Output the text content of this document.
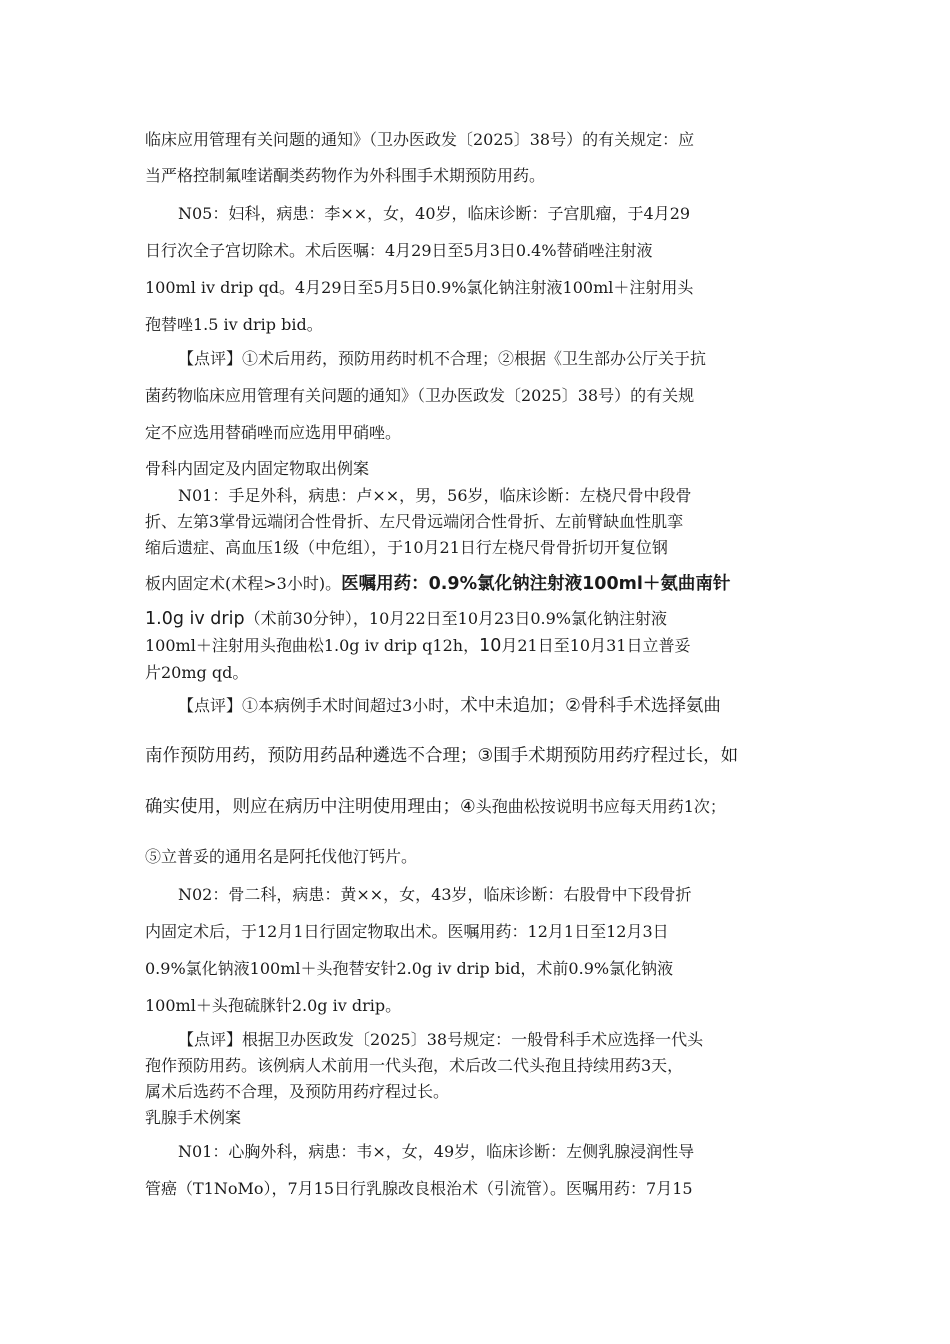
临床应用管理有关问题的通知》（卫办医政发〔2025〕38号）的有关规定：应

当严格控制氟喹诺酮类药物作为外科围手术期预防用药。

N05：妇科，病患：李××，女，40岁，临床诊断：子宫肌瘤，于4月29

日行次全子宫切除术。术后医嘱：4月29日至5月3日0.4%替硝唑注射液

100ml iv drip qd。4月29日至5月5日0.9%氯化钠注射液100ml＋注射用头

孢替唑1.5 iv drip bid。

【点评】①术后用药，预防用药时机不合理；②根据《卫生部办公厅关于抗

菌药物临床应用管理有关问题的通知》（卫办医政发〔2025〕38号）的有关规

定不应选用替硝唑而应选用甲硝唑。

骨科内固定及内固定物取出例案

N01：手足外科，病患：卢××，男，56岁，临床诊断：左桡尺骨中段骨

折、左第3掌骨远端闭合性骨折、左尺骨远端闭合性骨折、左前臂缺血性肌挛

缩后遗症、高血压1级（中危组），于10月21日行左桡尺骨骨折切开复位钢

板内固定术(术程>3小时)。医嘱用药：0.9%氯化钠注射液100ml＋氨曲南针

1.0g iv drip（术前30分钟），10月22日至10月23日0.9%氯化钠注射液

100ml＋注射用头孢曲松1.0g iv drip q12h，10月21日至10月31日立普妥

片20mg qd。

【点评】①本病例手术时间超过3小时，术中未追加；②骨科手术选择氨曲

南作预防用药，预防用药品种遴选不合理；③围手术期预防用药疗程过长，如

确实使用，则应在病历中注明使用理由；④头孢曲松按说明书应每天用药1次；

⑤立普妥的通用名是阿托伐他汀钙片。

N02：骨二科，病患：黄××，女，43岁，临床诊断：右股骨中下段骨折

内固定术后，于12月1日行固定物取出术。医嘱用药：12月1日至12月3日

0.9%氯化钠液100ml＋头孢替安针2.0g iv drip bid，术前0.9%氯化钠液

100ml＋头孢硫脒针2.0g iv drip。

【点评】根据卫办医政发〔2025〕38号规定：一般骨科手术应选择一代头

孢作预防用药。该例病人术前用一代头孢，术后改二代头孢且持续用药3天，

属术后选药不合理，及预防用药疗程过长。

乳腺手术例案

N01：心胸外科，病患：韦×，女，49岁，临床诊断：左侧乳腺浸润性导

管癌（T1NoMo），7月15日行乳腺改良根治术（引流管）。医嘱用药：7月15
